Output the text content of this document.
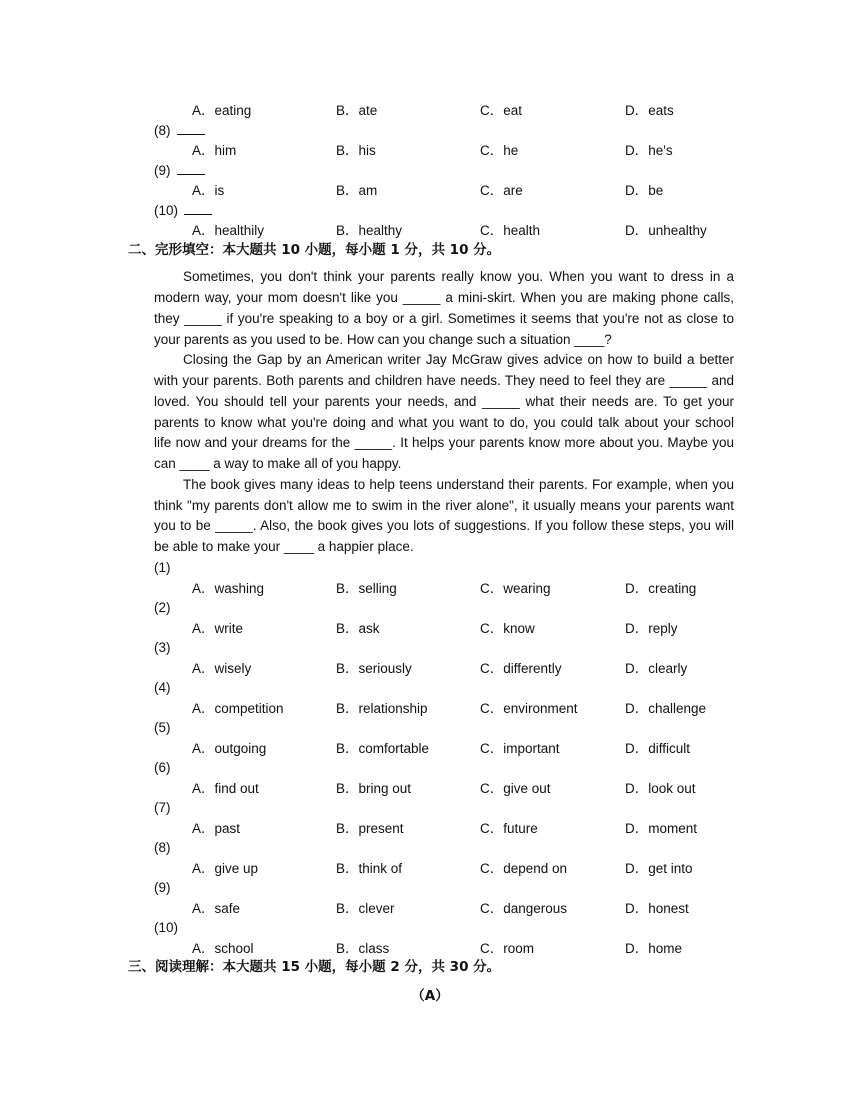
A．eating	B．ate	C．eat	D．eats
(8)
A．him	B．his	C．he	D．he's
(9)
A．is	B．am	C．are	D．be
(10)
A．healthily	B．healthy	C．health	D．unhealthy
二、完形填空：本大题共 10 小题，每小题 1 分，共 10 分。
Sometimes, you don't think your parents really know you. When you want to dress in a
modern way, your mom doesn't like you _____ a mini-skirt. When you are making phone calls,
they _____ if you're speaking to a boy or a girl. Sometimes it seems that you're not as close to
your parents as you used to be. How can you change such a situation ____?
Closing the Gap by an American writer Jay McGraw gives advice on how to build a better
with your parents. Both parents and children have needs. They need to feel they are _____ and
loved. You should tell your parents your needs, and _____ what their needs are. To get your
parents to know what you're doing and what you want to do, you could talk about your school
life now and your dreams for the _____. It helps your parents know more about you. Maybe you
can ____ a way to make all of you happy.
The book gives many ideas to help teens understand their parents. For example, when you
think "my parents don't allow me to swim in the river alone", it usually means your parents want
you to be _____. Also, the book gives you lots of suggestions. If you follow these steps, you will
be able to make your ____ a happier place.
(1)
A．washing	B．selling	C．wearing	D．creating
(2)
A．write	B．ask	C．know	D．reply
(3)
A．wisely	B．seriously	C．differently	D．clearly
(4)
A．competition	B．relationship	C．environment	D．challenge
(5)
A．outgoing	B．comfortable	C．important	D．difficult
(6)
A．find out	B．bring out	C．give out	D．look out
(7)
A．past	B．present	C．future	D．moment
(8)
A．give up	B．think of	C．depend on	D．get into
(9)
A．safe	B．clever	C．dangerous	D．honest
(10)
A．school	B．class	C．room	D．home
三、阅读理解：本大题共 15 小题，每小题 2 分，共 30 分。
（A）
